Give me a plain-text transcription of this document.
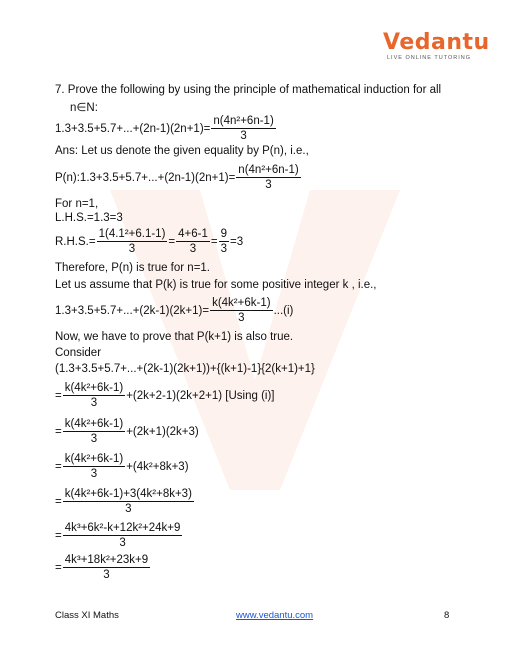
Vedantu
LIVE ONLINE TUTORING
7. Prove the following by using the principle of mathematical induction for all
n∈N:
$1.3+3.5+5.7+...+(2n-1)(2n+1)= \frac{\text{n(4n²+6n-1)}}{3}$
Ans: Let us denote the given equality by P(n), i.e.,
P(n):1.3+3.5+5.7+...+(2n-1)(2n+1)= $\frac{\text{n(4n²+6n-1)}}{3}$
For n=1,
L.H.S.=1.3=3
$R.H.S.= \frac{\text{1(4.1²+6.1-1)}}{3} = \frac{4+6-1}{3} = \frac{9}{3} =3$
Therefore, P(n) is true for n=1.
Let us assume that P(k) is true for some positive integer k , i.e.,
$1.3+3.5+5.7+...+(2k-1)(2k+1)= \frac{\text{k(4k²+6k-1)}}{3} ...(i)$
Now, we have to prove that P(k+1) is also true.
Consider
(1.3+3.5+5.7+...+(2k-1)(2k+1))+{(k+1)-1}{2(k+1)+1}
= $\frac{\text{k(4k²+6k-1)}}{3} +(2k+2-1)(2k+2+1)$ [Using (i)]
= $\frac{\text{k(4k²+6k-1)}}{3} +(2k+1)(2k+3)$
= $\frac{\text{k(4k²+6k-1)}}{3} +(4k^2+8k+3)$
= $\frac{\text{k(4k²+6k-1)+3(4k²+8k+3)}}{3}$
= $\frac{\text{4k³+6k²-k+12k²+24k+9}}{3}$
= $\frac{\text{4k³+18k²+23k+9}}{3}$
Class XI Maths	www.vedantu.com	8
